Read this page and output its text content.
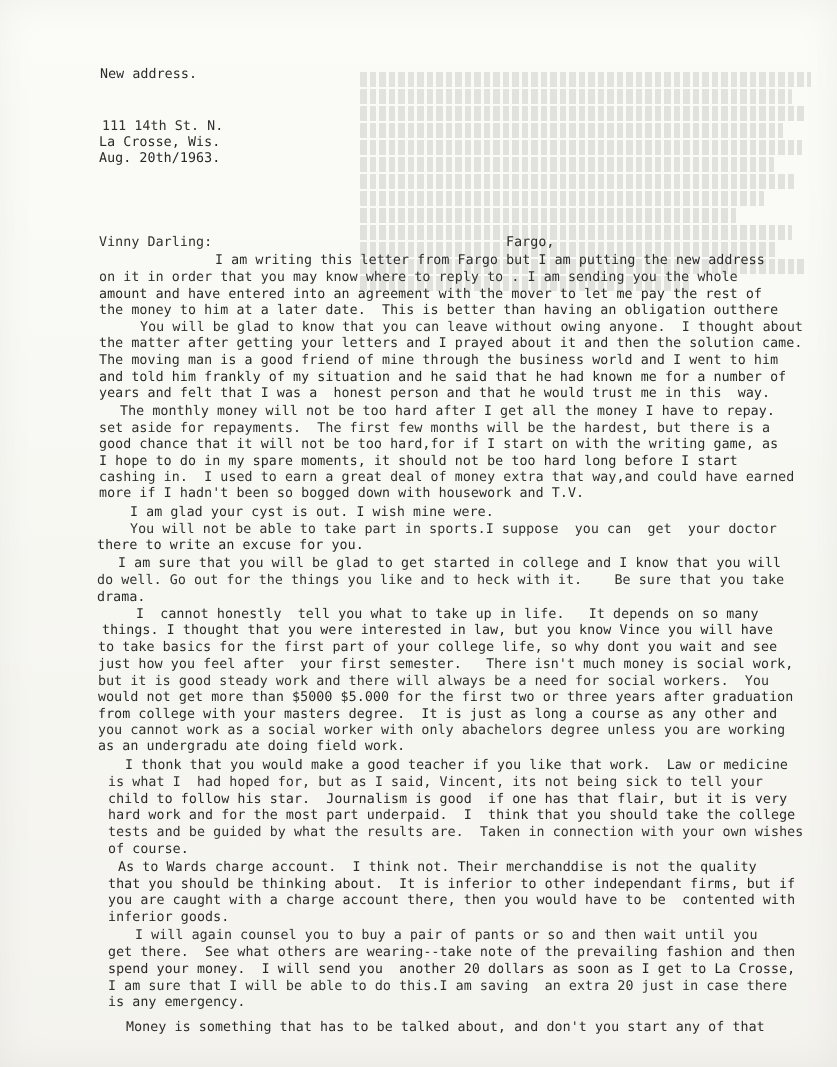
New address.
111 14th St. N.
La Crosse, Wis.
Aug. 20th/1963.
Vinny Darling:	Fargo,
I am writing this letter from Fargo but I am putting the new address
on it in order that you may know where to reply to . I am sending you the whole
amount and have entered into an agreement with the mover to let me pay the rest of
the money to him at a later date.  This is better than having an obligation outthere
You will be glad to know that you can leave without owing anyone.  I thought about
the matter after getting your letters and I prayed about it and then the solution came.
The moving man is a good friend of mine through the business world and I went to him
and told him frankly of my situation and he said that he had known me for a number of
years and felt that I was a  honest person and that he would trust me in this  way.
The monthly money will not be too hard after I get all the money I have to repay.
set aside for repayments.  The first few months will be the hardest, but there is a
good chance that it will not be too hard,for if I start on with the writing game, as
I hope to do in my spare moments, it should not be too hard long before I start
cashing in.  I used to earn a great deal of money extra that way,and could have earned
more if I hadn't been so bogged down with housework and T.V.
I am glad your cyst is out. I wish mine were.
You will not be able to take part in sports.I suppose  you can  get  your doctor
there to write an excuse for you.
I am sure that you will be glad to get started in college and I know that you will
do well. Go out for the things you like and to heck with it.    Be sure that you take
drama.
I  cannot honestly  tell you what to take up in life.   It depends on so many
things. I thought that you were interested in law, but you know Vince you will have
to take basics for the first part of your college life, so why dont you wait and see
just how you feel after  your first semester.   There isn't much money is social work,
but it is good steady work and there will always be a need for social workers.  You
would not get more than $5000 $5.000 for the first two or three years after graduation
from college with your masters degree.  It is just as long a course as any other and
you cannot work as a social worker with only abachelors degree unless you are working
as an undergradu ate doing field work.
I thonk that you would make a good teacher if you like that work.  Law or medicine
is what I  had hoped for, but as I said, Vincent, its not being sick to tell your
child to follow his star.  Journalism is good  if one has that flair, but it is very
hard work and for the most part underpaid.  I  think that you should take the college
tests and be guided by what the results are.  Taken in connection with your own wishes
of course.
As to Wards charge account.  I think not. Their merchanddise is not the quality
that you should be thinking about.  It is inferior to other independant firms, but if
you are caught with a charge account there, then you would have to be  contented with
inferior goods.
I will again counsel you to buy a pair of pants or so and then wait until you
get there.  See what others are wearing--take note of the prevailing fashion and then
spend your money.  I will send you  another 20 dollars as soon as I get to La Crosse,
I am sure that I will be able to do this.I am saving  an extra 20 just in case there
is any emergency.
Money is something that has to be talked about, and don't you start any of that
